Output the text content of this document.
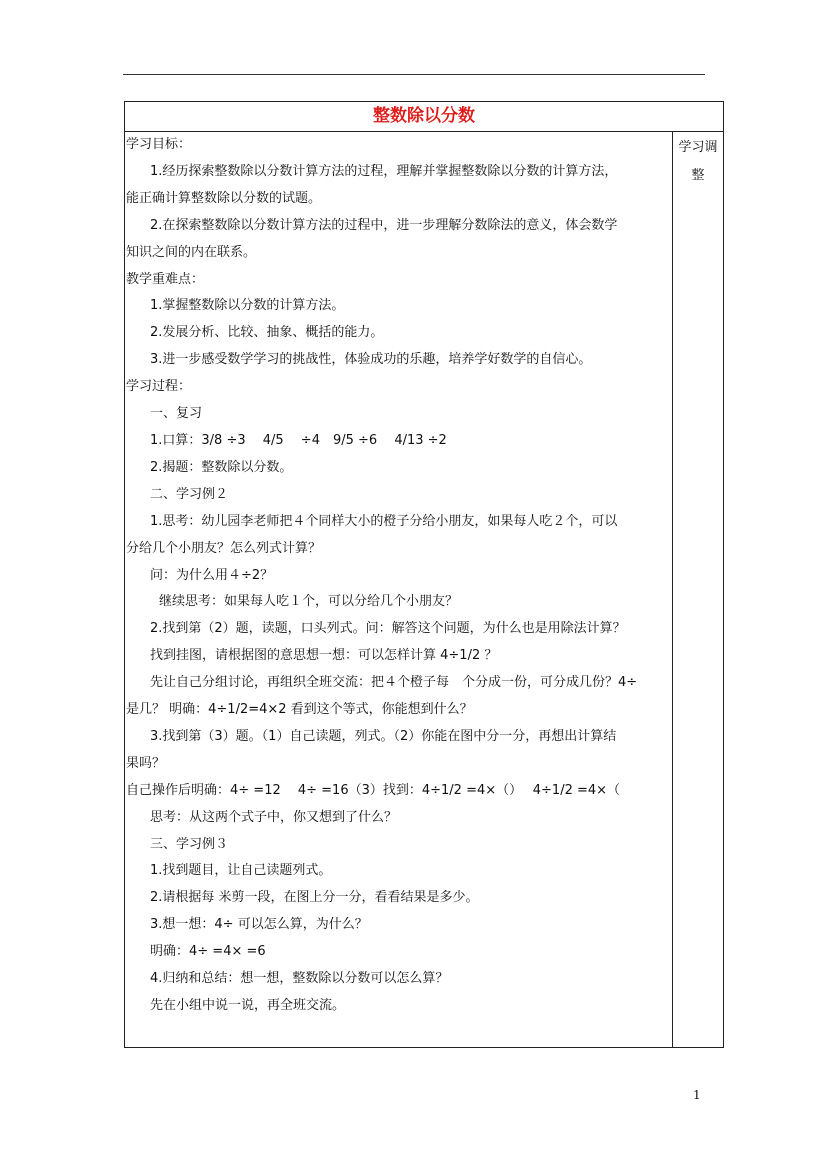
整数除以分数
学习调整
学习目标：
1.经历探索整数除以分数计算方法的过程，理解并掌握整数除以分数的计算方法，
能正确计算整数除以分数的试题。
2.在探索整数除以分数计算方法的过程中，进一步理解分数除法的意义，体会数学
知识之间的内在联系。
教学重难点：
1.掌握整数除以分数的计算方法。
2.发展分析、比较、抽象、概括的能力。
3.进一步感受数学学习的挑战性，体验成功的乐趣，培养学好数学的自信心。
学习过程：
一、复习
1.口算：3/8 ÷3　 4/5　 ÷4　9/5 ÷6　 4/13 ÷2
2.揭题：整数除以分数。
二、学习例２
1.思考：幼儿园李老师把４个同样大小的橙子分给小朋友，如果每人吃２个，可以
分给几个小朋友？怎么列式计算？
问：为什么用４÷2？
继续思考：如果每人吃１个，可以分给几个小朋友？
2.找到第（2）题，读题，口头列式。问：解答这个问题，为什么也是用除法计算？
找到挂图，请根据图的意思想一想：可以怎样计算 4÷1/2 ？
先让自己分组讨论，再组织全班交流：把４个橙子每　个分成一份，可分成几份？4÷
是几？ 明确：4÷1/2=4×2 看到这个等式，你能想到什么？
3.找到第（3）题。（1）自己读题，列式。（2）你能在图中分一分，再想出计算结
果吗？
自己操作后明确：4÷ =12　 4÷ =16（3）找到：4÷1/2 =4×（）　 4÷1/2 =4×（
思考：从这两个式子中，你又想到了什么？
三、学习例３
1.找到题目，让自己读题列式。
2.请根据每 米剪一段，在图上分一分，看看结果是多少。
3.想一想：4÷ 可以怎么算，为什么？
明确：4÷ =4× =6
4.归纳和总结：想一想，整数除以分数可以怎么算？
先在小组中说一说，再全班交流。
1
